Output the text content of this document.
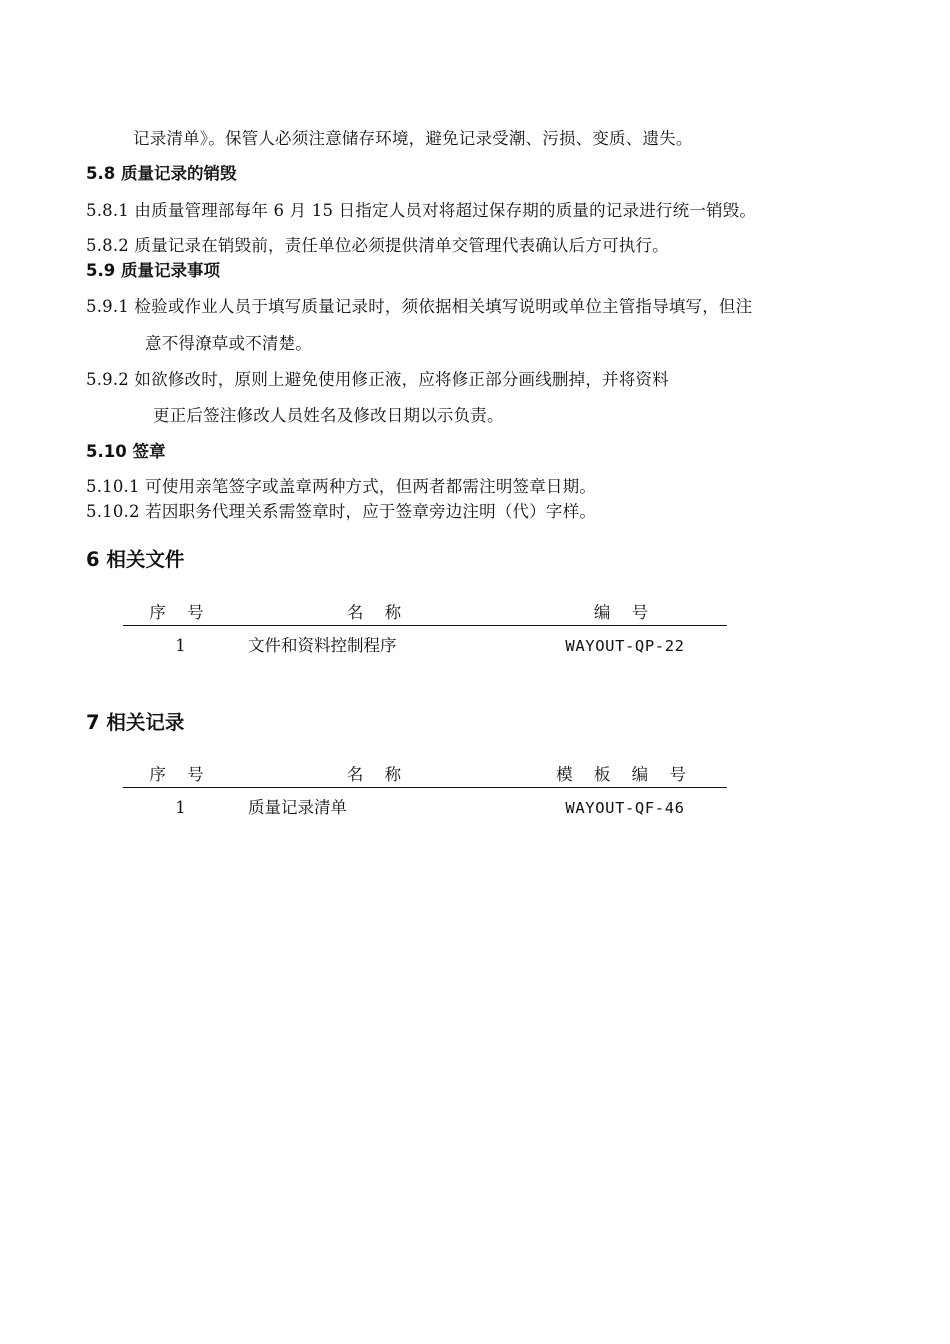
记录清单》。保管人必须注意储存环境，避免记录受潮、污损、变质、遗失。
5.8 质量记录的销毁
5.8.1 由质量管理部每年 6 月 15 日指定人员对将超过保存期的质量的记录进行统一销毁。
5.8.2 质量记录在销毁前，责任单位必须提供清单交管理代表确认后方可执行。
5.9 质量记录事项
5.9.1 检验或作业人员于填写质量记录时，须依据相关填写说明或单位主管指导填写，但注
意不得潦草或不清楚。
5.9.2 如欲修改时，原则上避免使用修正液，应将修正部分画线删掉，并将资料
更正后签注修改人员姓名及修改日期以示负责。
5.10 签章
5.10.1 可使用亲笔签字或盖章两种方式，但两者都需注明签章日期。
5.10.2 若因职务代理关系需签章时，应于签章旁边注明（代）字样。
6 相关文件
序 号	名 称	编 号
1	文件和资料控制程序	WAYOUT-QP-22
7 相关记录
序 号	名 称	模 板 编 号
1	质量记录清单	WAYOUT-QF-46
